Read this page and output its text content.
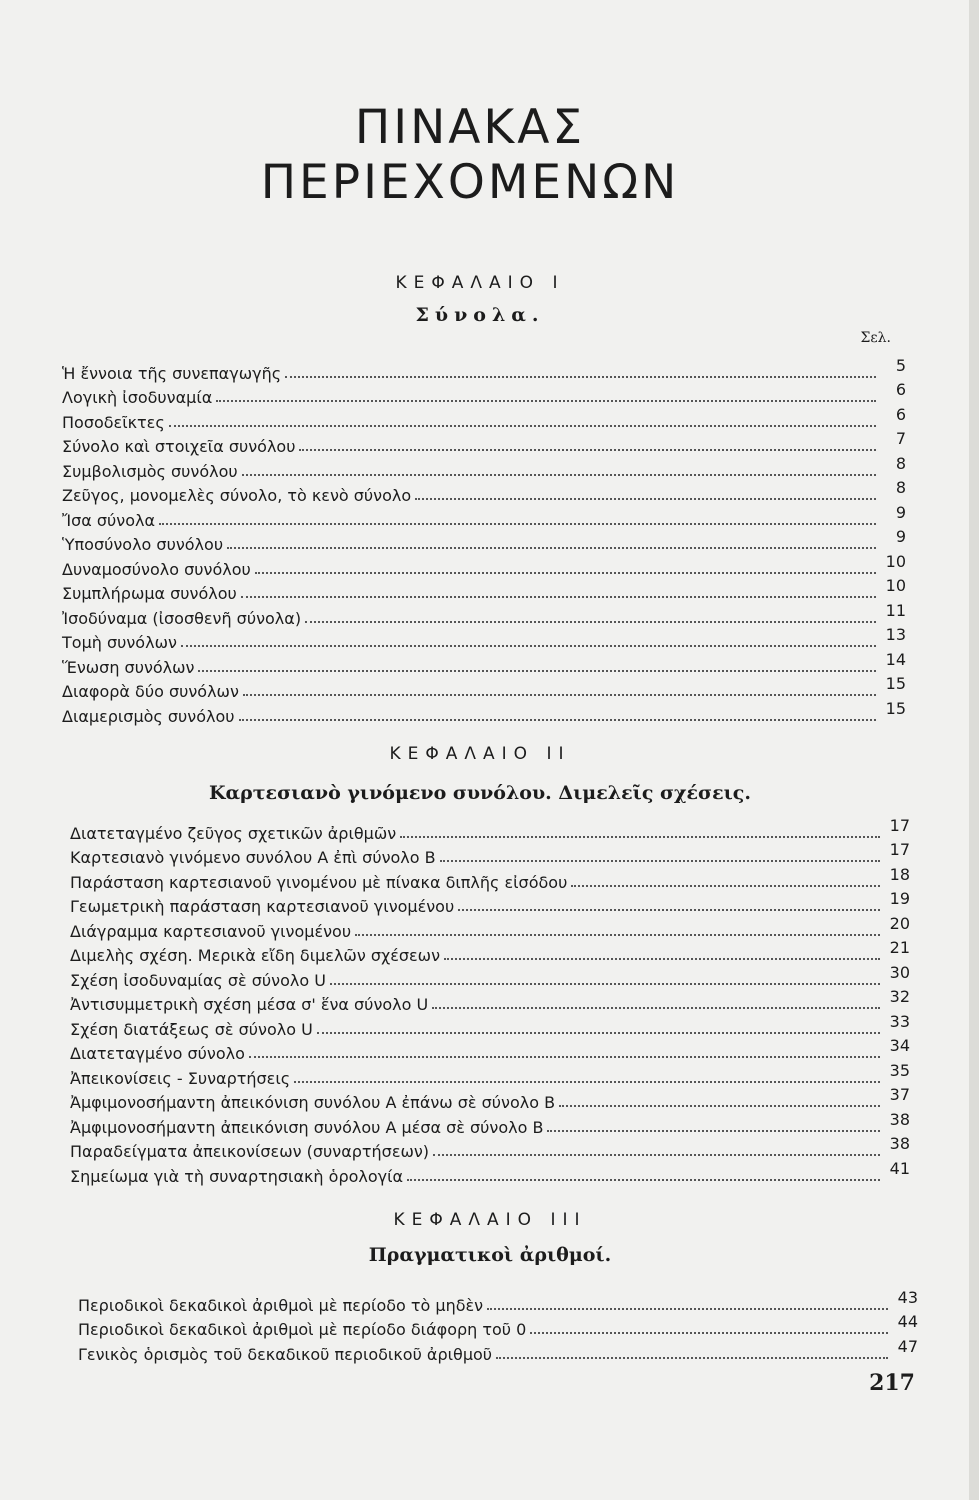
ΠΙΝΑΚΑΣ ΠΕΡΙΕΧΟΜΕΝΩΝ
ΚΕΦΑΛΑΙΟ Ι
Σύνολα.
Σελ.
Ἡ ἔννοια τῆς συνεπαγωγῆς	5
Λογικὴ ἰσοδυναμία	6
Ποσοδεῖκτες	6
Σύνολο καὶ στοιχεῖα συνόλου	7
Συμβολισμὸς συνόλου	8
Ζεῦγος, μονομελὲς σύνολο, τὸ κενὸ σύνολο	8
Ἴσα σύνολα	9
Ὑποσύνολο συνόλου	9
Δυναμοσύνολο συνόλου	10
Συμπλήρωμα συνόλου	10
Ἰσοδύναμα (ἰσοσθενῆ σύνολα)	11
Τομὴ συνόλων	13
Ἕνωση συνόλων	14
Διαφορὰ δύο συνόλων	15
Διαμερισμὸς συνόλου	15
ΚΕΦΑΛΑΙΟ ΙΙ
Καρτεσιανὸ γινόμενο συνόλου. Διμελεῖς σχέσεις.
Διατεταγμένο ζεῦγος σχετικῶν ἀριθμῶν	17
Καρτεσιανὸ γινόμενο συνόλου A ἐπὶ σύνολο B	17
Παράσταση καρτεσιανοῦ γινομένου μὲ πίνακα διπλῆς εἰσόδου	18
Γεωμετρικὴ παράσταση καρτεσιανοῦ γινομένου	19
Διάγραμμα καρτεσιανοῦ γινομένου	20
Διμελὴς σχέση. Μερικὰ εἴδη διμελῶν σχέσεων	21
Σχέση ἰσοδυναμίας σὲ σύνολο U	30
Ἀντισυμμετρικὴ σχέση μέσα σ' ἕνα σύνολο U	32
Σχέση διατάξεως σὲ σύνολο U	33
Διατεταγμένο σύνολο	34
Ἀπεικονίσεις - Συναρτήσεις	35
Ἀμφιμονοσήμαντη ἀπεικόνιση συνόλου A ἐπάνω σὲ σύνολο B	37
Ἀμφιμονοσήμαντη ἀπεικόνιση συνόλου A μέσα σὲ σύνολο B	38
Παραδείγματα ἀπεικονίσεων (συναρτήσεων)	38
Σημείωμα γιὰ τὴ συναρτησιακὴ ὁρολογία	41
ΚΕΦΑΛΑΙΟ ΙΙΙ
Πραγματικοὶ ἀριθμοί.
Περιοδικοὶ δεκαδικοὶ ἀριθμοὶ μὲ περίοδο τὸ μηδὲν	43
Περιοδικοὶ δεκαδικοὶ ἀριθμοὶ μὲ περίοδο διάφορη τοῦ 0	44
Γενικὸς ὁρισμὸς τοῦ δεκαδικοῦ περιοδικοῦ ἀριθμοῦ	47
217
